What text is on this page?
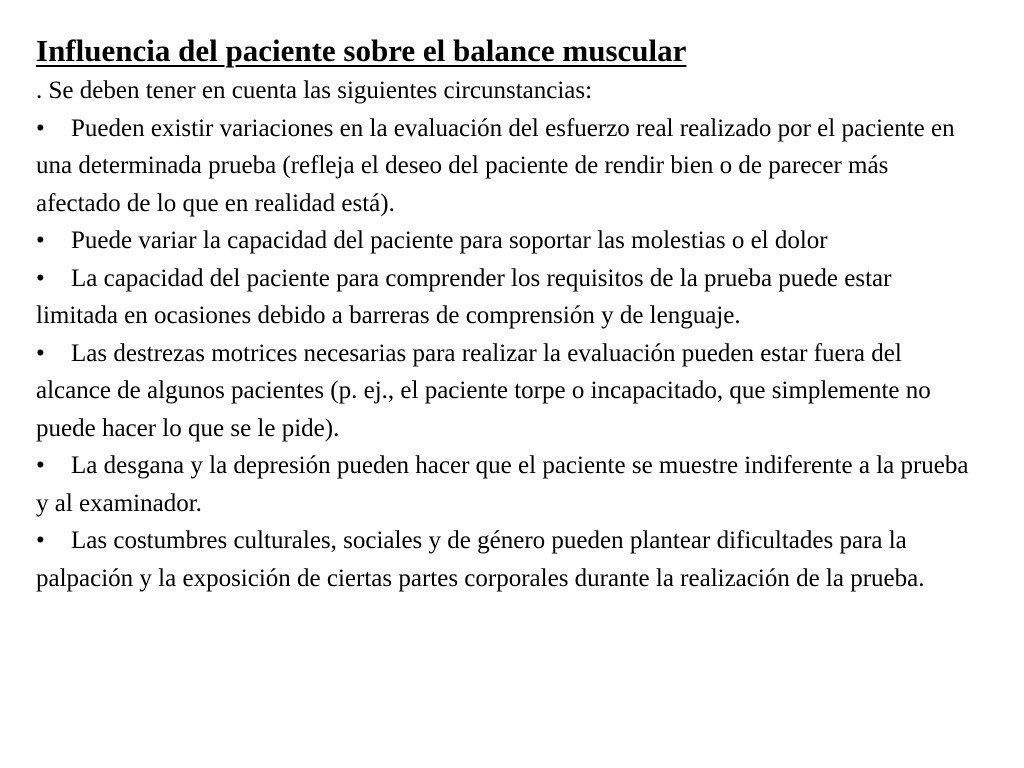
Influencia del paciente sobre el balance muscular

. Se deben tener en cuenta las siguientes circunstancias:

• Pueden existir variaciones en la evaluación del esfuerzo real realizado por el paciente en una determinada prueba (refleja el deseo del paciente de rendir bien o de parecer más afectado de lo que en realidad está).
• Puede variar la capacidad del paciente para soportar las molestias o el dolor
• La capacidad del paciente para comprender los requisitos de la prueba puede estar limitada en ocasiones debido a barreras de comprensión y de lenguaje.
• Las destrezas motrices necesarias para realizar la evaluación pueden estar fuera del alcance de algunos pacientes (p. ej., el paciente torpe o incapacitado, que simplemente no puede hacer lo que se le pide).
• La desgana y la depresión pueden hacer que el paciente se muestre indiferente a la prueba y al examinador.
• Las costumbres culturales, sociales y de género pueden plantear dificultades para la palpación y la exposición de ciertas partes corporales durante la realización de la prueba.
